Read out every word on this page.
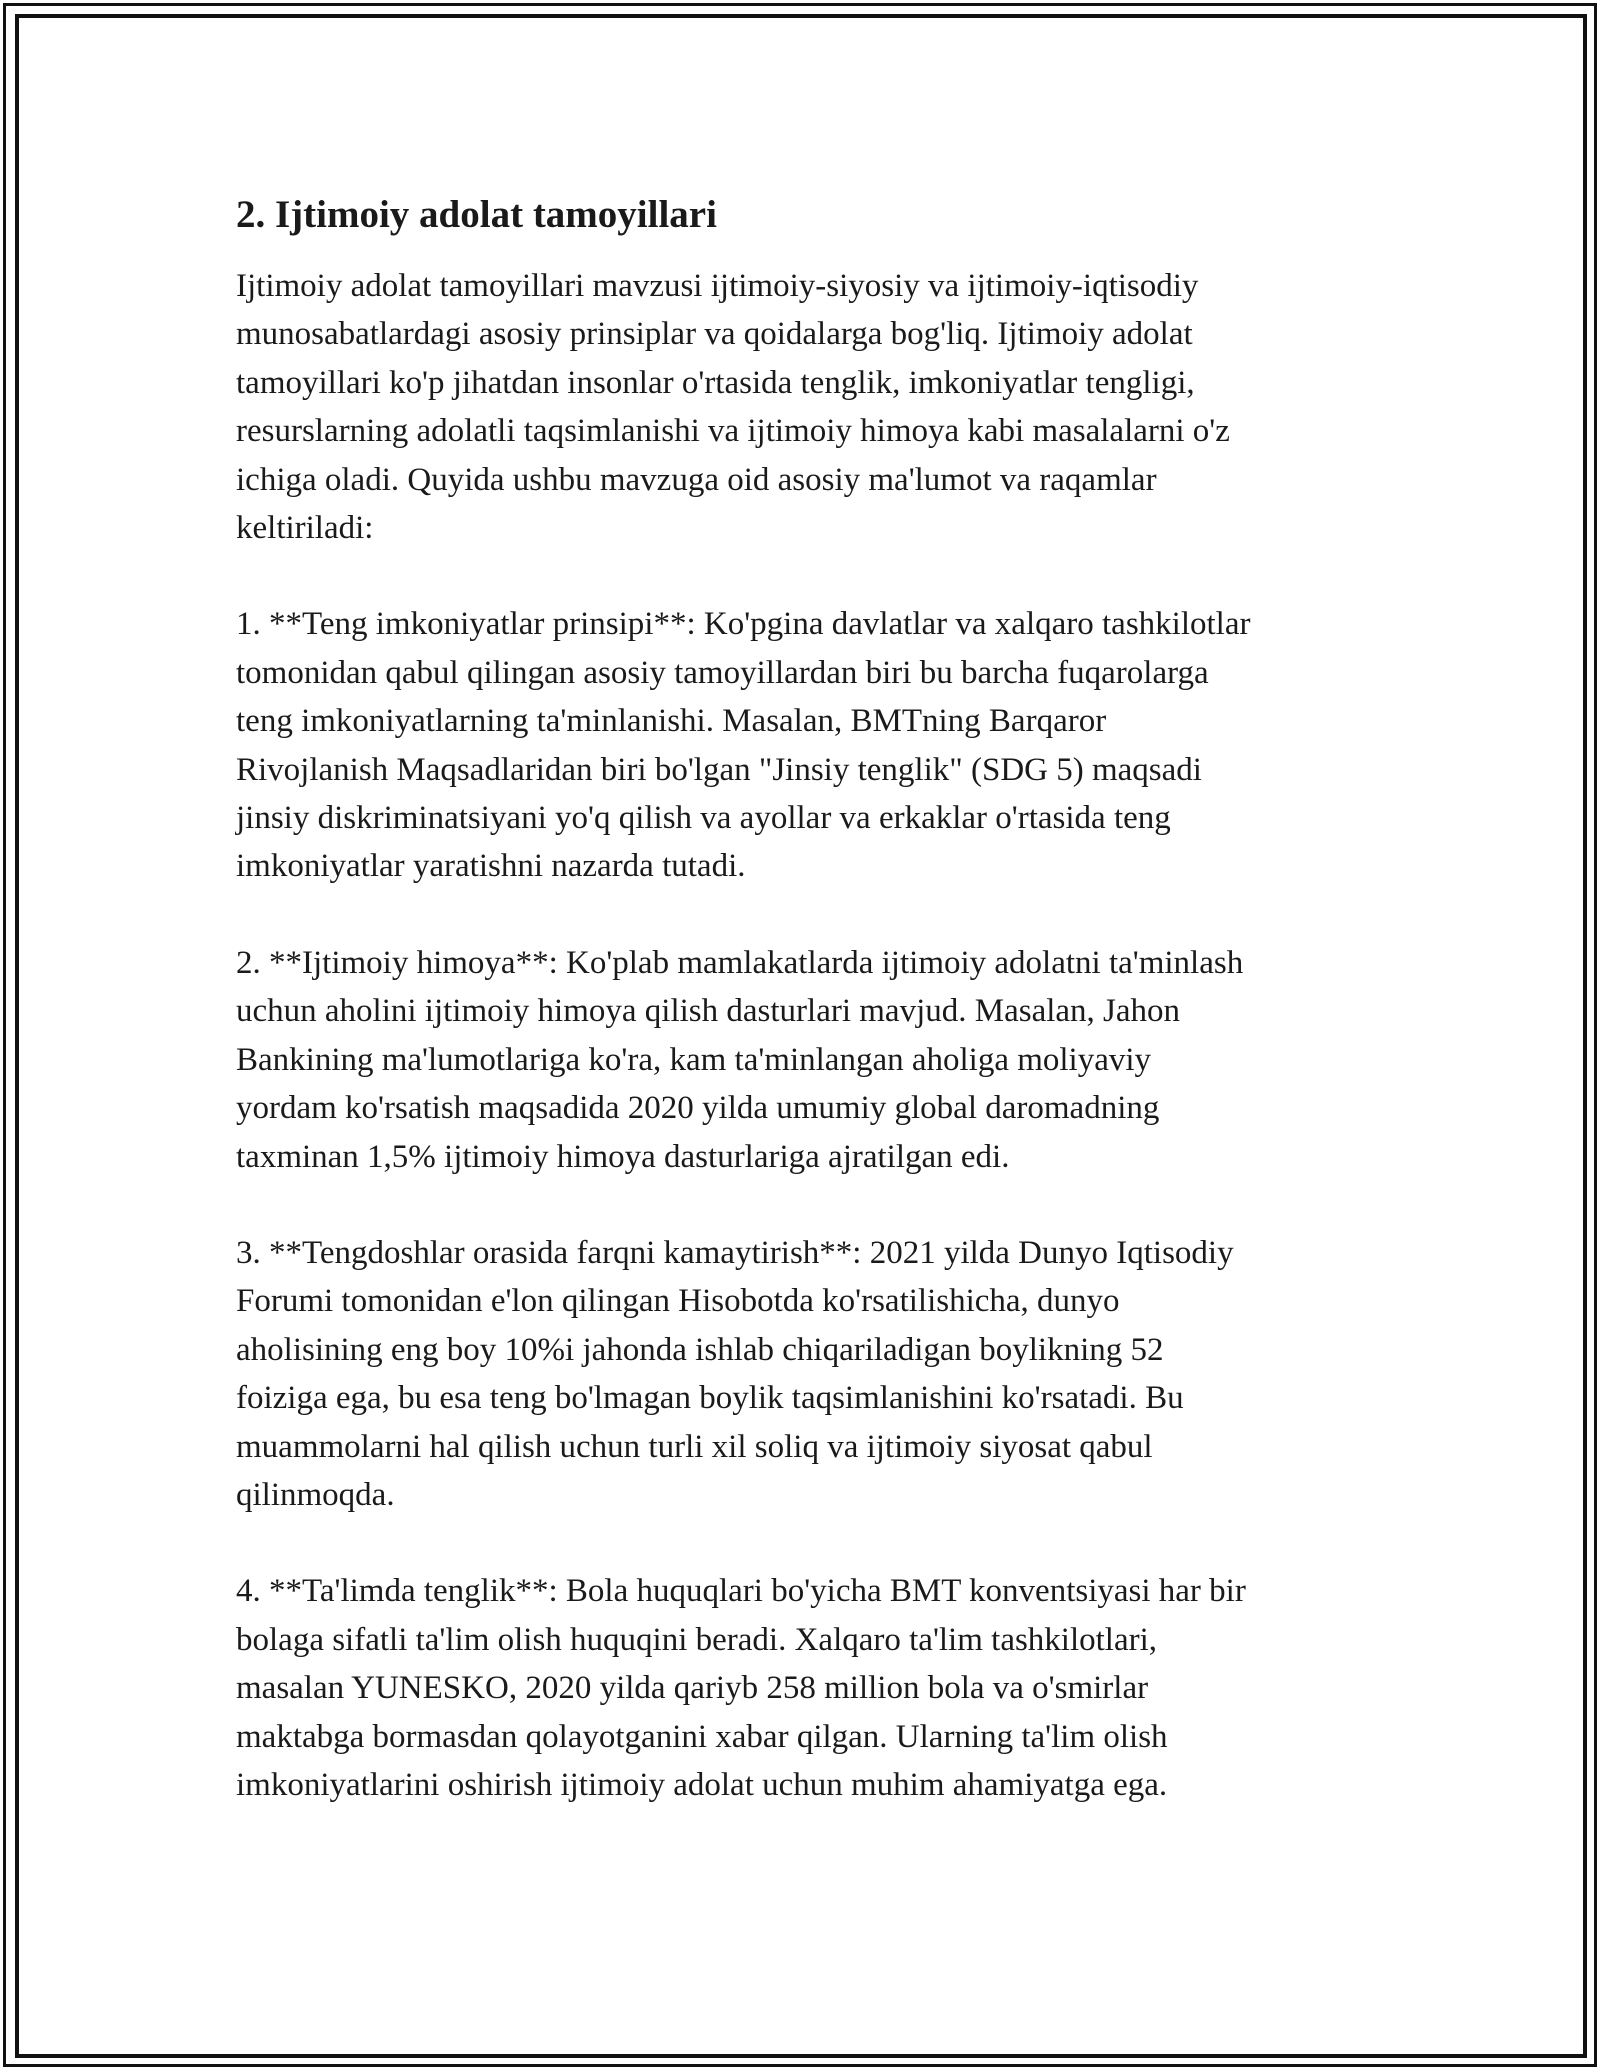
2. Ijtimoiy adolat tamoyillari

Ijtimoiy adolat tamoyillari mavzusi ijtimoiy-siyosiy va ijtimoiy-iqtisodiy
munosabatlardagi asosiy prinsiplar va qoidalarga bog'liq. Ijtimoiy adolat
tamoyillari ko'p jihatdan insonlar o'rtasida tenglik, imkoniyatlar tengligi,
resurslarning adolatli taqsimlanishi va ijtimoiy himoya kabi masalalarni o'z
ichiga oladi. Quyida ushbu mavzuga oid asosiy ma'lumot va raqamlar
keltiriladi:

1. **Teng imkoniyatlar prinsipi**: Ko'pgina davlatlar va xalqaro tashkilotlar
tomonidan qabul qilingan asosiy tamoyillardan biri bu barcha fuqarolarga
teng imkoniyatlarning ta'minlanishi. Masalan, BMTning Barqaror
Rivojlanish Maqsadlaridan biri bo'lgan "Jinsiy tenglik" (SDG 5) maqsadi
jinsiy diskriminatsiyani yo'q qilish va ayollar va erkaklar o'rtasida teng
imkoniyatlar yaratishni nazarda tutadi.

2. **Ijtimoiy himoya**: Ko'plab mamlakatlarda ijtimoiy adolatni ta'minlash
uchun aholini ijtimoiy himoya qilish dasturlari mavjud. Masalan, Jahon
Bankining ma'lumotlariga ko'ra, kam ta'minlangan aholiga moliyaviy
yordam ko'rsatish maqsadida 2020 yilda umumiy global daromadning
taxminan 1,5% ijtimoiy himoya dasturlariga ajratilgan edi.

3. **Tengdoshlar orasida farqni kamaytirish**: 2021 yilda Dunyo Iqtisodiy
Forumi tomonidan e'lon qilingan Hisobotda ko'rsatilishicha, dunyo
aholisining eng boy 10%i jahonda ishlab chiqariladigan boylikning 52
foiziga ega, bu esa teng bo'lmagan boylik taqsimlanishini ko'rsatadi. Bu
muammolarni hal qilish uchun turli xil soliq va ijtimoiy siyosat qabul
qilinmoqda.

4. **Ta'limda tenglik**: Bola huquqlari bo'yicha BMT konventsiyasi har bir
bolaga sifatli ta'lim olish huquqini beradi. Xalqaro ta'lim tashkilotlari,
masalan YUNESKO, 2020 yilda qariyb 258 million bola va o'smirlar
maktabga bormasdan qolayotganini xabar qilgan. Ularning ta'lim olish
imkoniyatlarini oshirish ijtimoiy adolat uchun muhim ahamiyatga ega.
